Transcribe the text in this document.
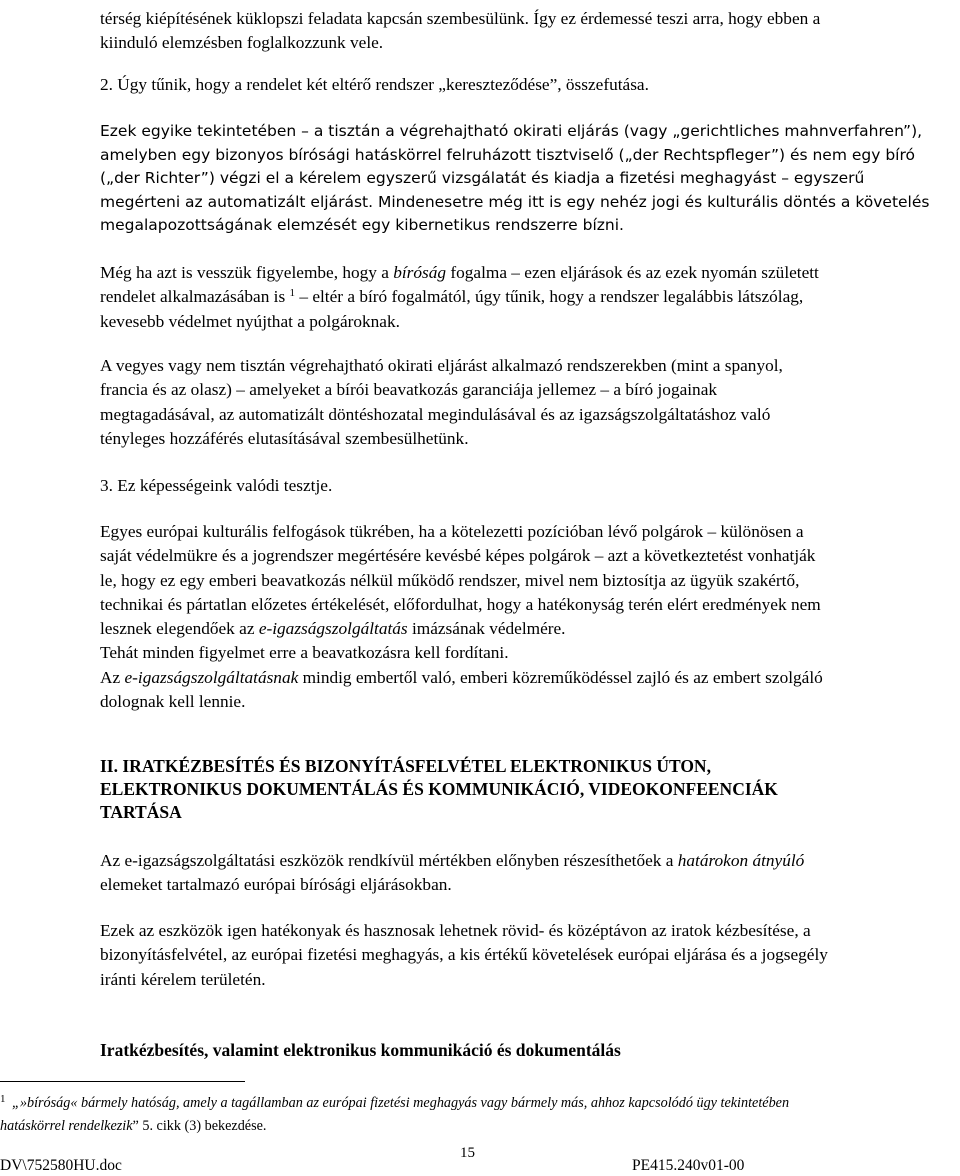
térség kiépítésének küklopszi feladata kapcsán szembesülünk. Így ez érdemessé teszi arra, hogy ebben a

kiinduló elemzésben foglalkozzunk vele.

2. Úgy tűnik, hogy a rendelet két eltérő rendszer „kereszteződése”, összefutása.

Ezek egyike tekintetében – a tisztán a végrehajtható okirati eljárás (vagy „gerichtliches mahnverfahren”),

amelyben egy bizonyos bírósági hatáskörrel felruházott tisztviselő („der Rechtspfleger”) és nem egy bíró

(„der Richter”) végzi el a kérelem egyszerű vizsgálatát és kiadja a fizetési meghagyást – egyszerű

megérteni az automatizált eljárást. Mindenesetre még itt is egy nehéz jogi és kulturális döntés a követelés

megalapozottságának elemzését egy kibernetikus rendszerre bízni.

Még ha azt is vesszük figyelembe, hogy a bíróság fogalma – ezen eljárások és az ezek nyomán született

rendelet alkalmazásában is $^1$ – eltér a bíró fogalmától, úgy tűnik, hogy a rendszer legalábbis látszólag,

kevesebb védelmet nyújthat a polgároknak.

A vegyes vagy nem tisztán végrehajtható okirati eljárást alkalmazó rendszerekben (mint a spanyol,

francia és az olasz) – amelyeket a bírói beavatkozás garanciája jellemez – a bíró jogainak

megtagadásával, az automatizált döntéshozatal megindulásával és az igazságszolgáltatáshoz való

tényleges hozzáférés elutasításával szembesülhetünk.

3. Ez képességeink valódi tesztje.

Egyes európai kulturális felfogások tükrében, ha a kötelezetti pozícióban lévő polgárok – különösen a

saját védelmükre és a jogrendszer megértésére kevésbé képes polgárok – azt a következtetést vonhatják

le, hogy ez egy emberi beavatkozás nélkül működő rendszer, mivel nem biztosítja az ügyük szakértő,

technikai és pártatlan előzetes értékelését, előfordulhat, hogy a hatékonyság terén elért eredmények nem

lesznek elegendőek az e-igazságszolgáltatás imázsának védelmére.

Tehát minden figyelmet erre a beavatkozásra kell fordítani.

Az e-igazságszolgáltatásnak mindig embertől való, emberi közreműködéssel zajló és az embert szolgáló

dolognak kell lennie.

II. IRATKÉZBESÍTÉS ÉS BIZONYÍTÁSFELVÉTEL ELEKTRONIKUS ÚTON,

ELEKTRONIKUS DOKUMENTÁLÁS ÉS KOMMUNIKÁCIÓ, VIDEOKONFEENCIÁK

TARTÁSA

Az e-igazságszolgáltatási eszközök rendkívül mértékben előnyben részesíthetőek a határokon átnyúló

elemeket tartalmazó európai bírósági eljárásokban.

Ezek az eszközök igen hatékonyak és hasznosak lehetnek rövid- és középtávon az iratok kézbesítése, a

bizonyításfelvétel, az európai fizetési meghagyás, a kis értékű követelések európai eljárása és a jogsegély

iránti kérelem területén.

Iratkézbesítés, valamint elektronikus kommunikáció és dokumentálás

1 „»bíróság« bármely hatóság, amely a tagállamban az európai fizetési meghagyás vagy bármely más, ahhoz kapcsolódó ügy tekintetében

hatáskörrel rendelkezik” 5. cikk (3) bekezdése.

15
DV\752580HU.doc	PE415.240v01-00
